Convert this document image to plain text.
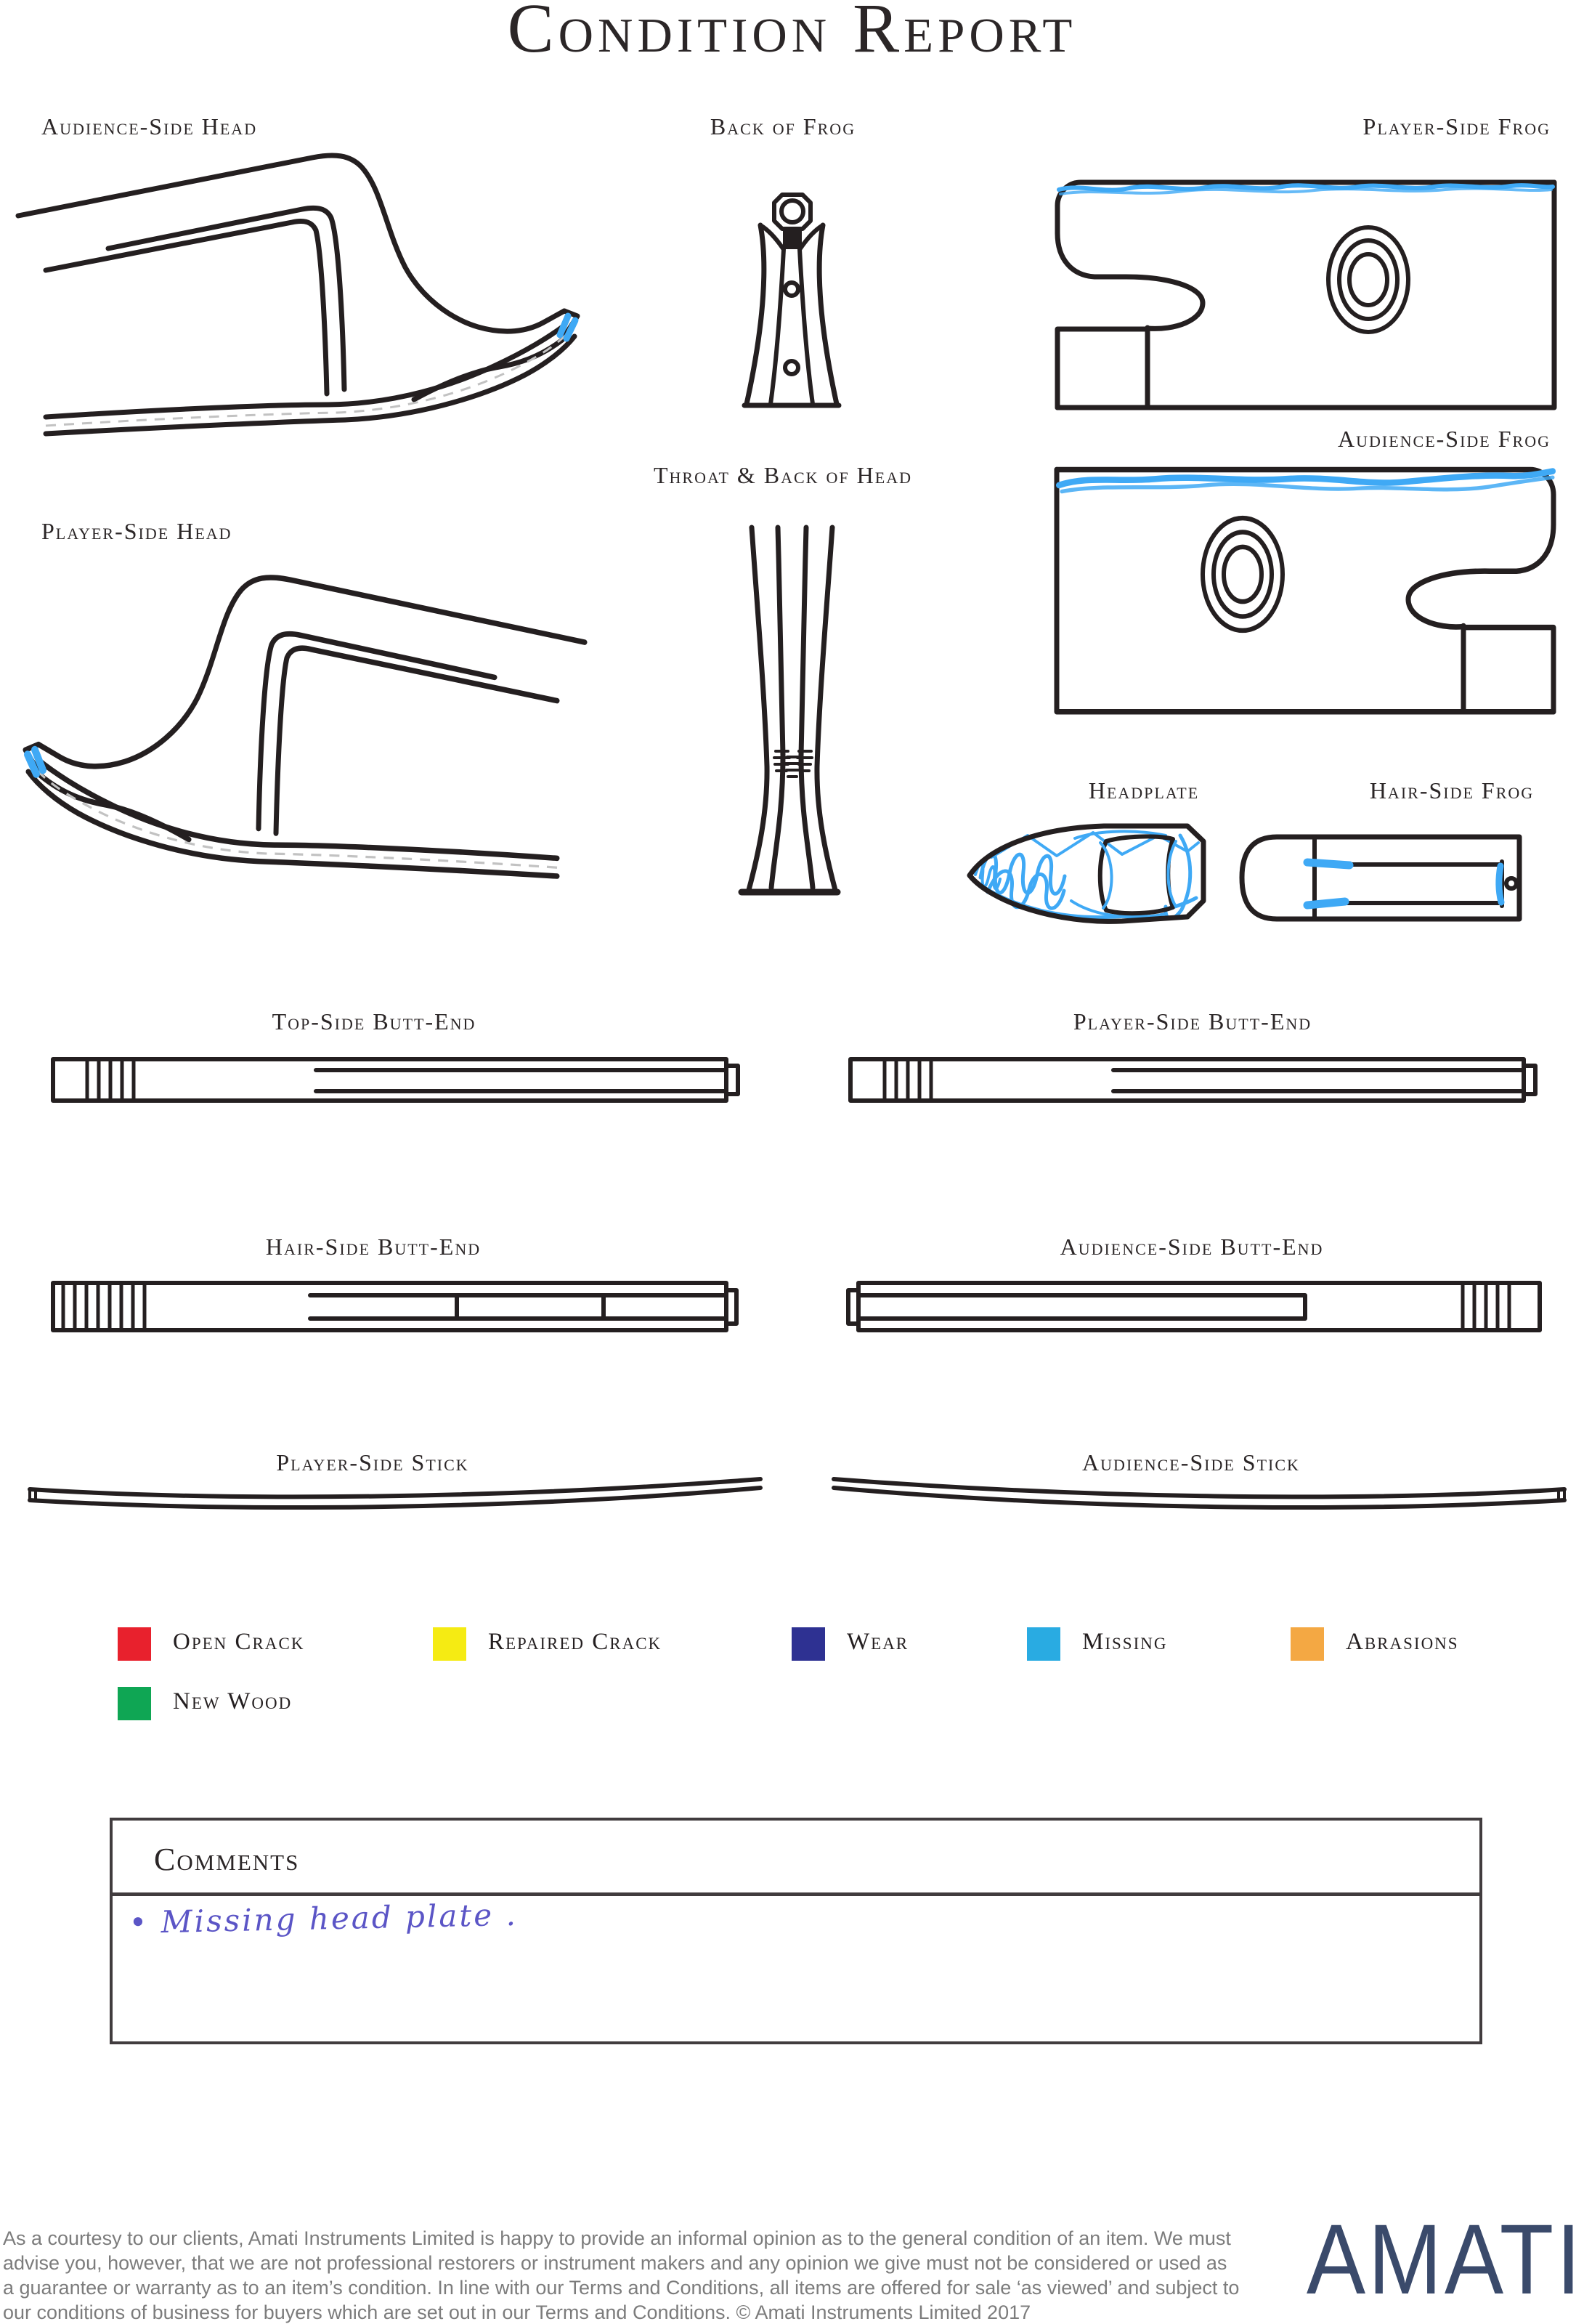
Condition Report
Audience-Side Head	Back of Frog	Player-Side Frog
Audience-Side Frog
Player-Side Head
Throat & Back of Head
Headplate	Hair-Side Frog
Top-Side Butt-End	Player-Side Butt-End
Hair-Side Butt-End	Audience-Side Butt-End
Player-Side Stick	Audience-Side Stick
Open Crack	Repaired Crack	Wear	Missing	Abrasions
New Wood
Comments
• Missing head plate .
As a courtesy to our clients, Amati Instruments Limited is happy to provide an informal opinion as to the general condition of an item. We must
advise you, however, that we are not professional restorers or instrument makers and any opinion we give must not be considered or used as
a guarantee or warranty as to an item’s condition. In line with our Terms and Conditions, all items are offered for sale ‘as viewed’ and subject to
our conditions of business for buyers which are set out in our Terms and Conditions. © Amati Instruments Limited 2017	AMATI
